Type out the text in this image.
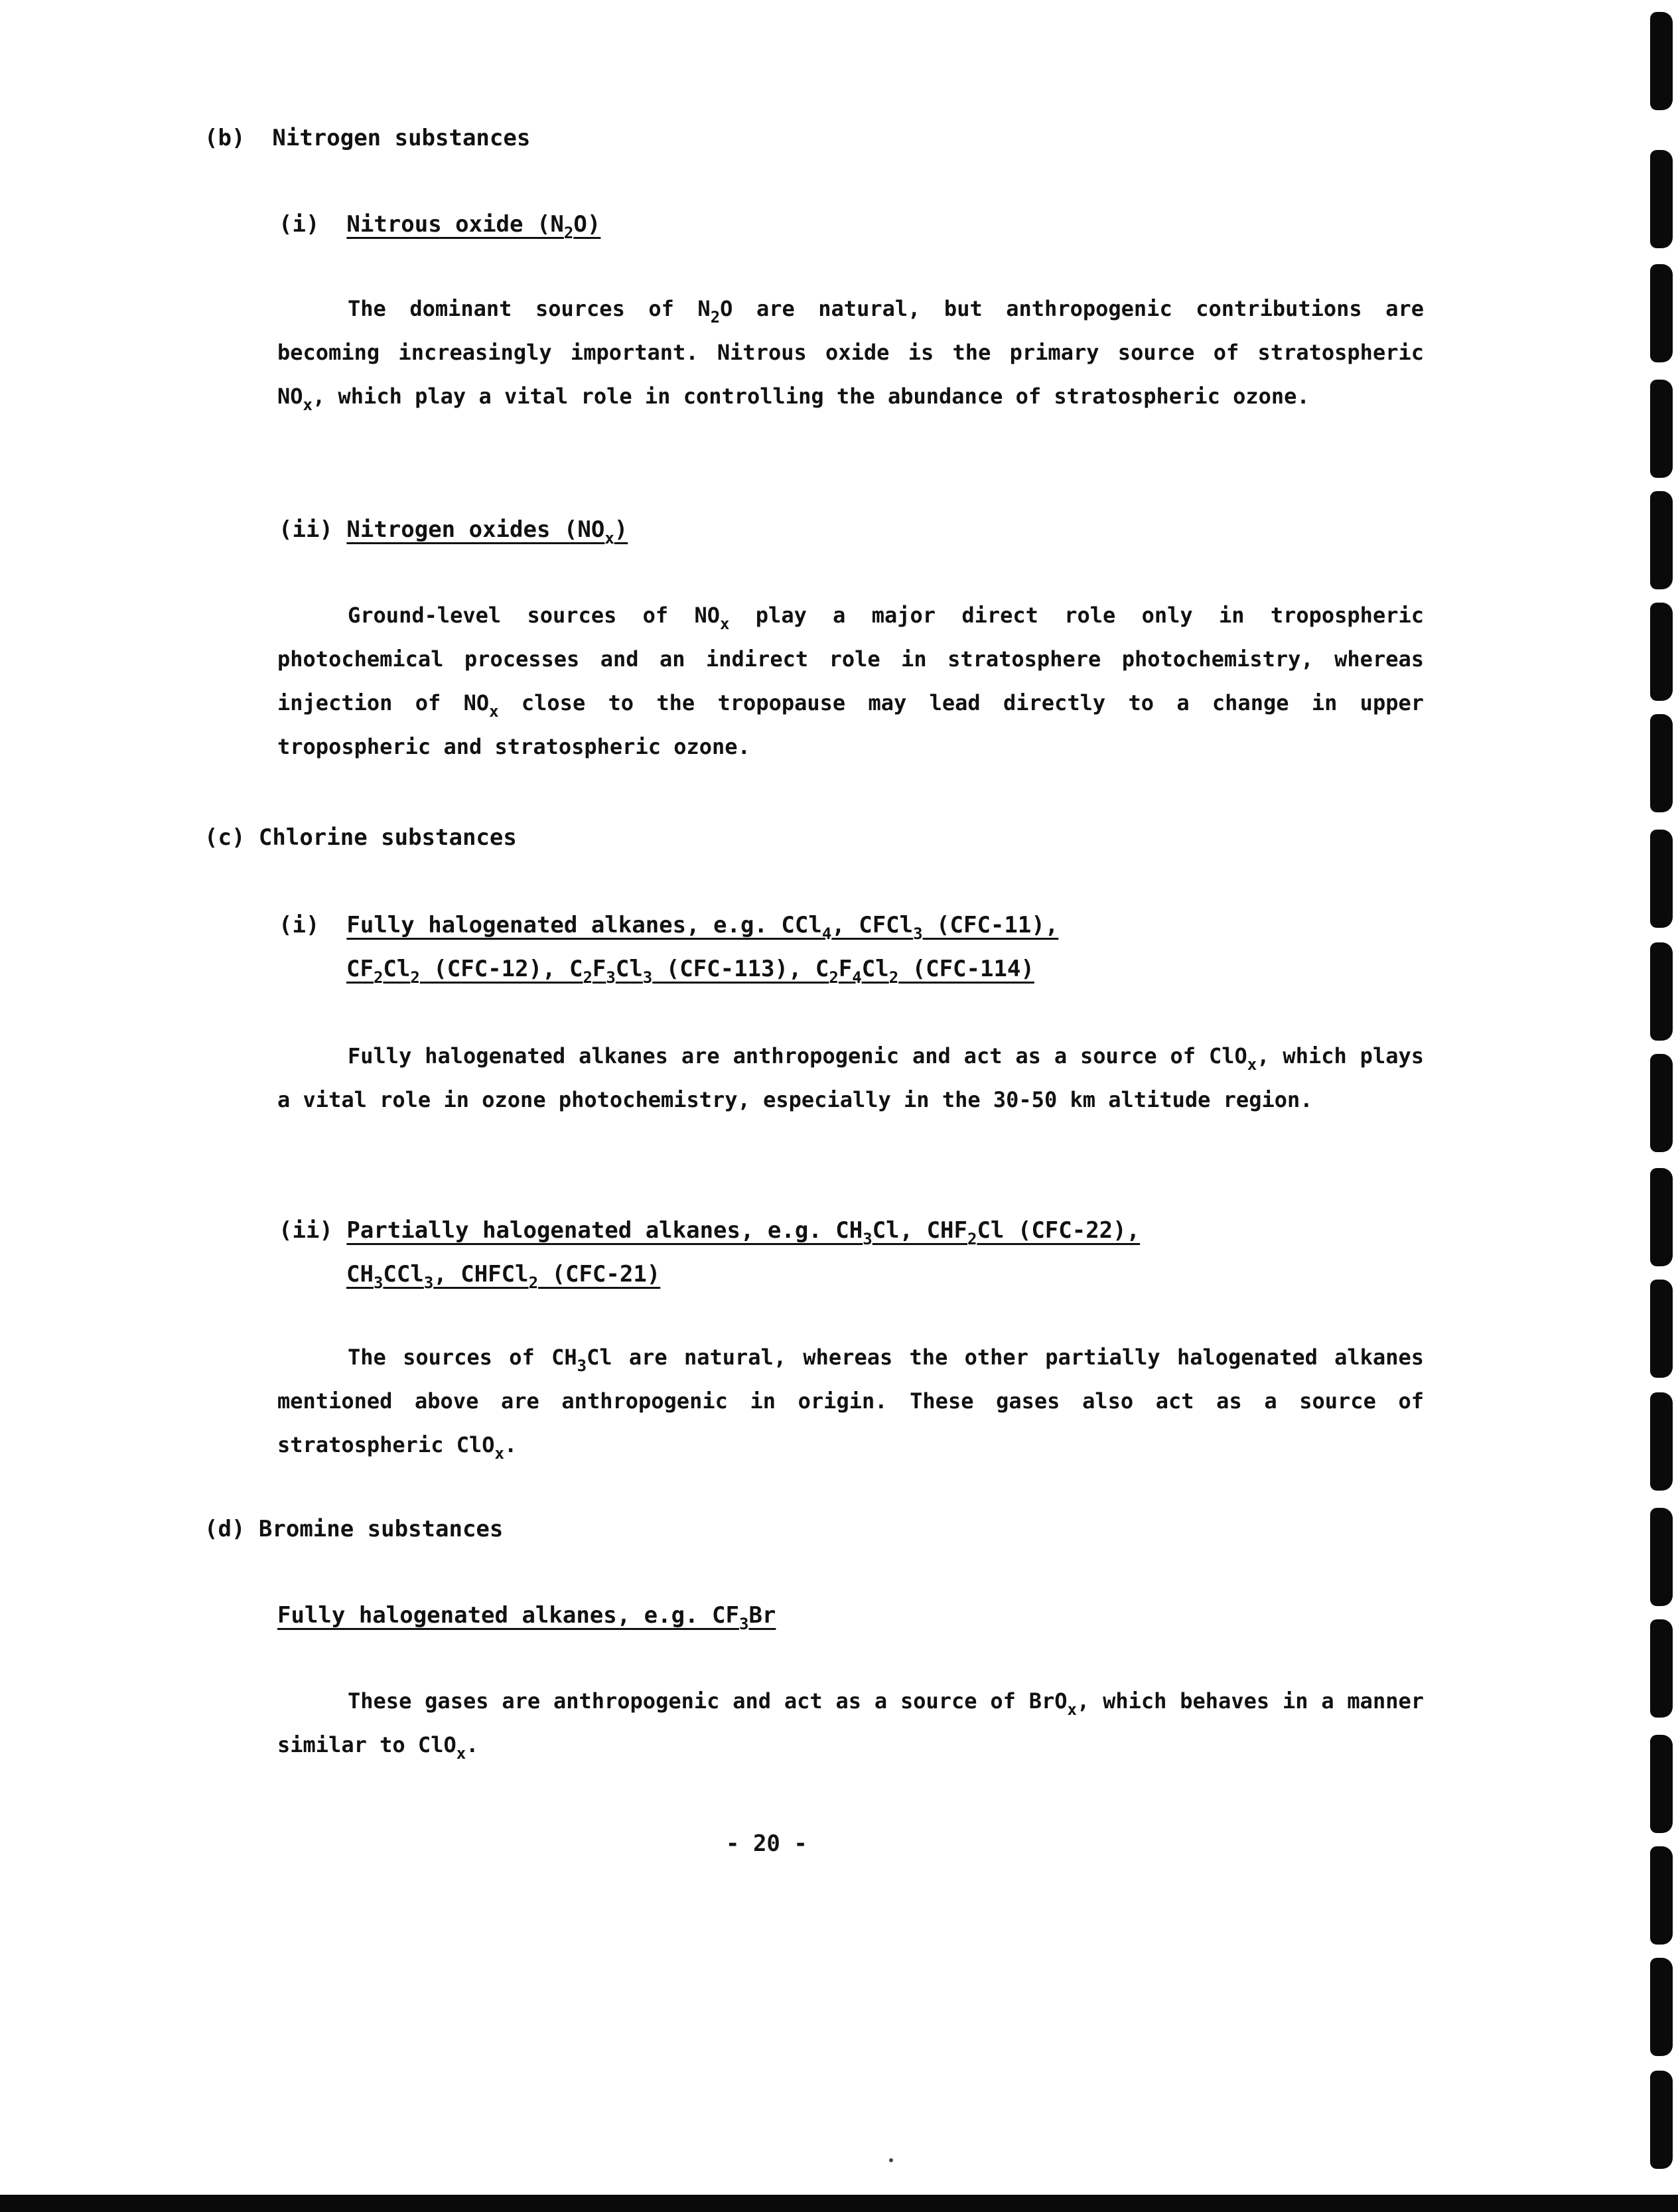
(b) Nitrogen substances
(i) Nitrous oxide $(N_2O)$

The dominant sources of $N_2O$ are natural, but anthropogenic contributions are becoming increasingly important. Nitrous oxide is the primary source of stratospheric $NO_x$, which play a vital role in controlling the abundance of stratospheric ozone.

(ii) Nitrogen oxides $(NO_x)$

Ground-level sources of $NO_x$ play a major direct role only in tropospheric photochemical processes and an indirect role in stratosphere photochemistry, whereas injection of $NO_x$ close to the tropopause may lead directly to a change in upper tropospheric and stratospheric ozone.

(c) Chlorine substances
(i) Fully halogenated alkanes, e.g. CCl$_4$, CFCl$_3$ (CFC-11),
$CF_2Cl_2$ (CFC-12), $C_2F_3Cl_3$ (CFC-113), $C_2F_4Cl_2$ (CFC-114)

Fully halogenated alkanes are anthropogenic and act as a source of ClO$_x$, which plays a vital role in ozone photochemistry, especially in the 30-50 km altitude region.

(ii) Partially halogenated alkanes, e.g. $CH_3Cl$, $CHF_2Cl$ (CFC-22),
$CH_3CCl_3$, CHFCl$_2$ (CFC-21)

The sources of $CH_3Cl$ are natural, whereas the other partially halogenated alkanes mentioned above are anthropogenic in origin. These gases also act as a source of stratospheric ClO$_x$.

(d) Bromine substances
Fully halogenated alkanes, e.g. $CF_3Br$

These gases are anthropogenic and act as a source of BrO$_x$, which behaves in a manner similar to ClO$_x$.

- 20 -
